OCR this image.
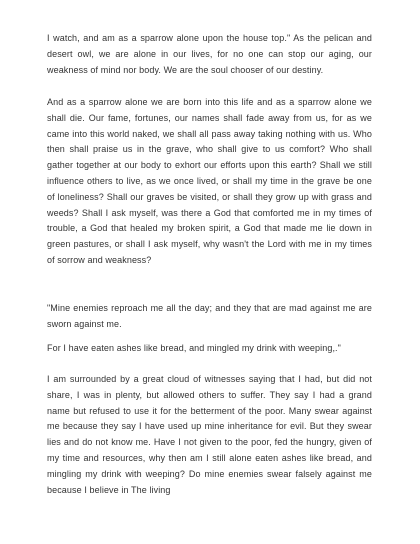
I watch, and am as a sparrow alone upon the house top." As the pelican and desert owl, we are alone in our lives, for no one can stop our aging, our weakness of mind nor body. We are the soul chooser of our destiny.

And as a sparrow alone we are born into this life and as a sparrow alone we shall die. Our fame, fortunes, our names shall fade away from us, for as we came into this world naked, we shall all pass away taking nothing with us. Who then shall praise us in the grave, who shall give to us comfort? Who shall gather together at our body to exhort our efforts upon this earth? Shall we still influence others to live, as we once lived, or shall my time in the grave be one of loneliness? Shall our graves be visited, or shall they grow up with grass and weeds? Shall I ask myself, was there a God that comforted me in my times of trouble, a God that healed my broken spirit, a God that made me lie down in green pastures, or shall I ask myself, why wasn't the Lord with me in my times of sorrow and weakness?

"Mine enemies reproach me all the day; and they that are mad against me are sworn against me.

For I have eaten ashes like bread, and mingled my drink with weeping,."

I am surrounded by a great cloud of witnesses saying that I had, but did not share, I was in plenty, but allowed others to suffer. They say I had a grand name but refused to use it for the betterment of the poor. Many swear against me because they say I have used up mine inheritance for evil. But they swear lies and do not know me. Have I not given to the poor, fed the hungry, given of my time and resources, why then am I still alone eaten ashes like bread, and mingling my drink with weeping? Do mine enemies swear falsely against me because I believe in The living
